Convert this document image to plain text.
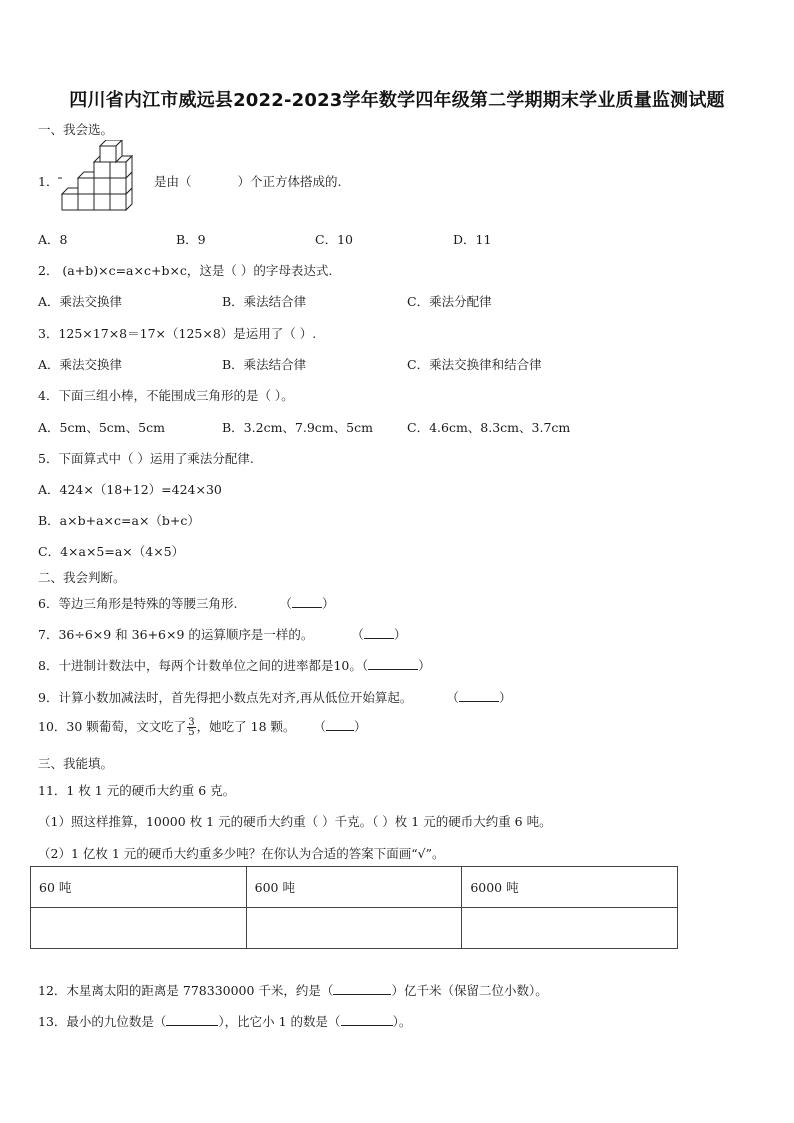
四川省内江市威远县2022-2023学年数学四年级第二学期期末学业质量监测试题
一、我会选。
1．	是由（	）个正方体搭成的.
A．8	B．9	C．10	D．11
2． (a+b)×c=a×c+b×c，这是（ ）的字母表达式.
A．乘法交换律	B．乘法结合律	C．乘法分配律
3．125×17×8＝17×（125×8）是运用了（ ）.
A．乘法交换律	B．乘法结合律	C．乘法交换律和结合律
4．下面三组小棒，不能围成三角形的是（ ）。
A．5cm、5cm、5cm	B．3.2cm、7.9cm、5cm	C．4.6cm、8.3cm、3.7cm
5．下面算式中（ ）运用了乘法分配律.
A．424×（18+12）=424×30
B．a×b+a×c=a×（b+c）
C．4×a×5=a×（4×5）
二、我会判断。
6．等边三角形是特殊的等腰三角形.	（ ）
7．36÷6×9 和 36+6×9 的运算顺序是一样的。	（ ）
8．十进制计数法中，每两个计数单位之间的进率都是10。（	）
9．计算小数加减法时，首先得把小数点先对齐,再从低位开始算起。	（	）
10．30 颗葡萄，文文吃了 $\frac{3}{5}$ ，她吃了 18 颗。 （ ）
三、我能填。
11．1 枚 1 元的硬币大约重 6 克。
（1）照这样推算，10000 枚 1 元的硬币大约重（ ）千克。（ ）枚 1 元的硬币大约重 6 吨。
（2）1 亿枚 1 元的硬币大约重多少吨？在你认为合适的答案下面画“√”。
60 吨	600 吨	6000 吨

12．木星离太阳的距离是 778330000 千米，约是（	）亿千米（保留二位小数）。
13．最小的九位数是（	），比它小 1 的数是（	）。
